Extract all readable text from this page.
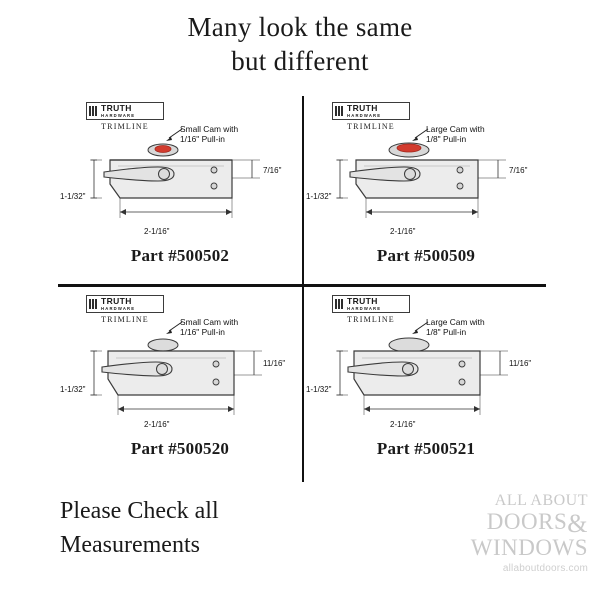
Many look the same
but different
TRUTH
HARDWARE
TRIMLINE	Small Cam with
1/16" Pull-in
1-1/32"
7/16"
2-1/16"
Part #500502
TRUTH
HARDWARE
TRIMLINE	Large Cam with
1/8" Pull-in
1-1/32"
7/16"
2-1/16"
Part #500509
TRUTH
HARDWARE
TRIMLINE	Small Cam with
1/16" Pull-in
1-1/32"
11/16"
2-1/16"
Part #500520
TRUTH
HARDWARE
TRIMLINE	Large Cam with
1/8" Pull-in
1-1/32"
11/16"
2-1/16"
Part #500521
Please Check all
Measurements
ALL ABOUT
DOORS&
WINDOWS
allaboutdoors.com
